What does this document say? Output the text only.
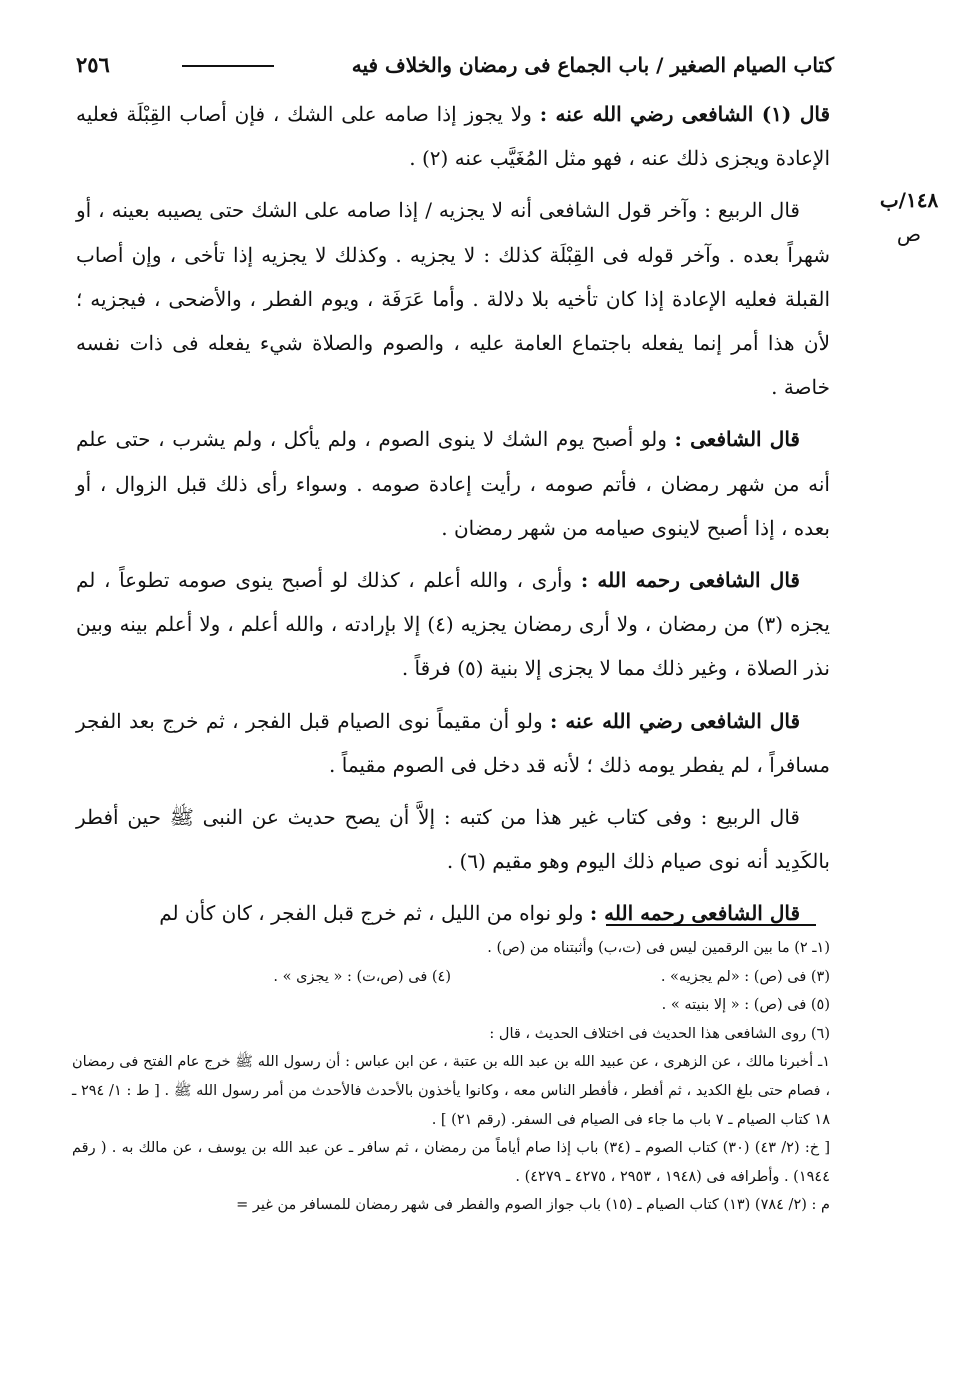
كتاب الصيام الصغير / باب الجماع فى رمضان والخلاف فيه
٢٥٦
١٤٨/ب
ص

قال (١) الشافعى رضي الله عنه : ولا يجوز إذا صامه على الشك ، فإن أصاب القِبْلَة فعليه الإعادة ويجزى ذلك عنه ، فهو مثل المُغَيَّب عنه (٢) .

قال الربيع : وآخر قول الشافعى أنه لا يجزيه / إذا صامه على الشك حتى يصيبه بعينه ، أو شهراً بعده . وآخر قوله فى القِبْلَة كذلك : لا يجزيه . وكذلك لا يجزيه إذا تأخى ، وإن أصاب القبلة فعليه الإعادة إذا كان تأخيه بلا دلالة . وأما عَرَفَة ، ويوم الفطر ، والأضحى ، فيجزيه ؛ لأن هذا أمر إنما يفعله باجتماع العامة عليه ، والصوم والصلاة شيء يفعله فى ذات نفسه خاصة .

قال الشافعى : ولو أصبح يوم الشك لا ينوى الصوم ، ولم يأكل ، ولم يشرب ، حتى علم أنه من شهر رمضان ، فأتم صومه ، رأيت إعادة صومه . وسواء رأى ذلك قبل الزوال ، أو بعده ، إذا أصبح لاينوى صيامه من شهر رمضان .

قال الشافعى رحمه الله : وأرى ، والله أعلم ، كذلك لو أصبح ينوى صومه تطوعاً ، لم يجزه (٣) من رمضان ، ولا أرى رمضان يجزيه (٤) إلا بإرادته ، والله أعلم ، ولا أعلم بينه وبين نذر الصلاة ، وغير ذلك مما لا يجزى إلا بنية (٥) فرقاً .

قال الشافعى رضي الله عنه : ولو أن مقيماً نوى الصيام قبل الفجر ، ثم خرج بعد الفجر مسافراً ، لم يفطر يومه ذلك ؛ لأنه قد دخل فى الصوم مقيماً .

قال الربيع : وفى كتاب غير هذا من كتبه : إلاَّ أن يصح حديث عن النبى ﷺ حين أفطر بالكَدِيد أنه نوى صيام ذلك اليوم وهو مقيم (٦) .

قال الشافعى رحمه الله : ولو نواه من الليل ، ثم خرج قبل الفجر ، كان كأن لم

(١ـ ٢) ما بين الرقمين ليس فى (ت،ب) وأثبتناه من (ص) .

(٣) فى (ص) : «لم يجزيه» .
(٤) فى (ص،ت) : « يجزى » .

(٥) فى (ص) : « إلا بنيته » .

(٦) روى الشافعى هذا الحديث فى اختلاف الحديث ، قال :

١ـ أخبرنا مالك ، عن الزهرى ، عن عبيد الله بن عبد الله بن عتبة ، عن ابن عباس : أن رسول الله ﷺ خرج عام الفتح فى رمضان ، فصام حتى بلغ الكديد ، ثم أفطر ، فأفطر الناس معه ، وكانوا يأخذون بالأحدث فالأحدث من أمر رسول الله ﷺ . [ ط : ١/ ٢٩٤ ـ ١٨ كتاب الصيام ـ ٧ باب ما جاء فى الصيام فى السفر. (رقم ٢١) ] .

[ خ: (٢/ ٤٣) (٣٠) كتاب الصوم ـ (٣٤) باب إذا صام أياماً من رمضان ، ثم سافر ـ عن عبد الله بن يوسف ، عن مالك به . ( رقم ١٩٤٤) . وأطرافه فى (١٩٤٨ ، ٢٩٥٣ ، ٤٢٧٥ ـ ٤٢٧٩) .

م : (٢/ ٧٨٤) (١٣) كتاب الصيام ـ (١٥) باب جواز الصوم والفطر فى شهر رمضان للمسافر من غير =
